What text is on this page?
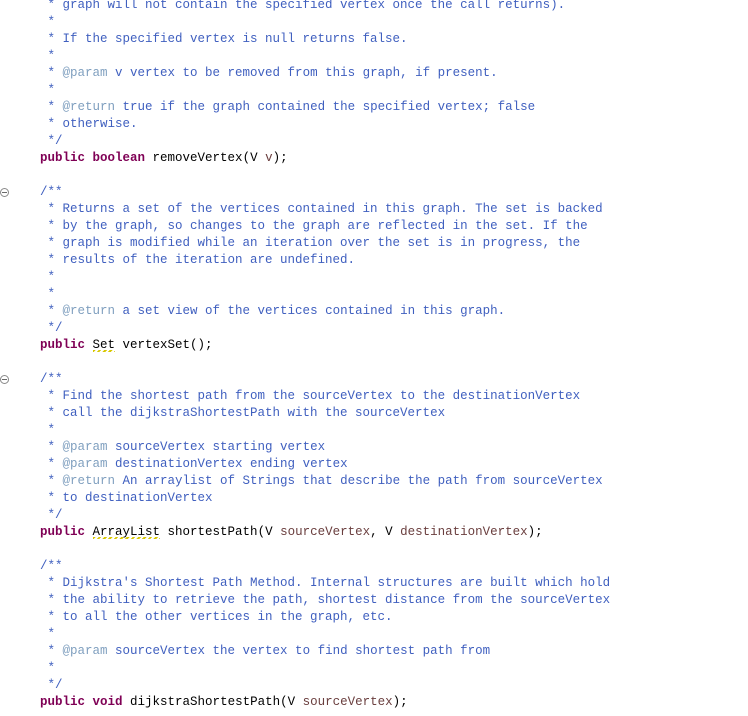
* graph will not contain the specified vertex once the call returns).
*
* If the specified vertex is null returns false.
*
* @param v vertex to be removed from this graph, if present.
*
* @return true if the graph contained the specified vertex; false
* otherwise.
*/
public boolean removeVertex(V v);
/**
* Returns a set of the vertices contained in this graph. The set is backed
* by the graph, so changes to the graph are reflected in the set. If the
* graph is modified while an iteration over the set is in progress, the
* results of the iteration are undefined.
*
*
* @return a set view of the vertices contained in this graph.
*/
public Set vertexSet();
/**
* Find the shortest path from the sourceVertex to the destinationVertex
* call the dijkstraShortestPath with the sourceVertex
*
* @param sourceVertex starting vertex
* @param destinationVertex ending vertex
* @return An arraylist of Strings that describe the path from sourceVertex
* to destinationVertex
*/
public ArrayList shortestPath(V sourceVertex, V destinationVertex);
/**
* Dijkstra's Shortest Path Method. Internal structures are built which hold
* the ability to retrieve the path, shortest distance from the sourceVertex
* to all the other vertices in the graph, etc.
*
* @param sourceVertex the vertex to find shortest path from
*
*/
public void dijkstraShortestPath(V sourceVertex);
